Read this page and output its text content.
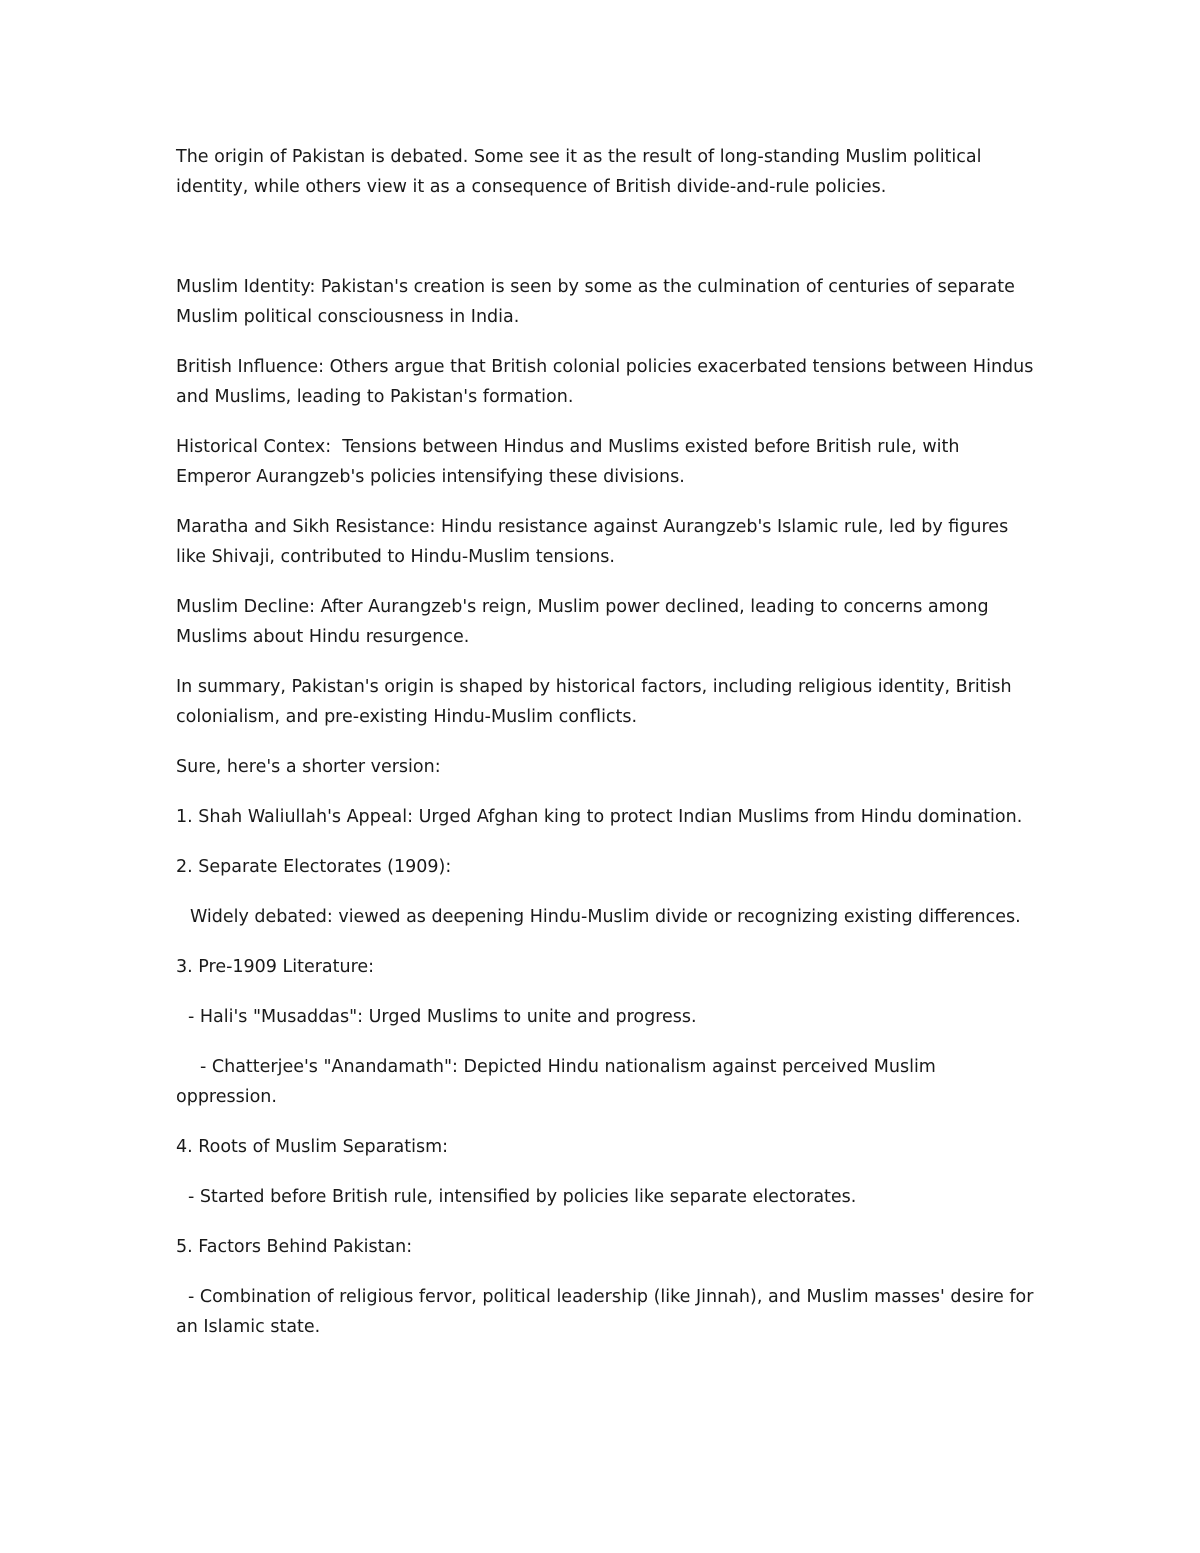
The origin of Pakistan is debated. Some see it as the result of long-standing Muslim political identity, while others view it as a consequence of British divide-and-rule policies.

Muslim Identity: Pakistan's creation is seen by some as the culmination of centuries of separate Muslim political consciousness in India.

British Influence: Others argue that British colonial policies exacerbated tensions between Hindus and Muslims, leading to Pakistan's formation.

Historical Contex:  Tensions between Hindus and Muslims existed before British rule, with Emperor Aurangzeb's policies intensifying these divisions.

Maratha and Sikh Resistance: Hindu resistance against Aurangzeb's Islamic rule, led by figures like Shivaji, contributed to Hindu-Muslim tensions.

Muslim Decline: After Aurangzeb's reign, Muslim power declined, leading to concerns among Muslims about Hindu resurgence.

In summary, Pakistan's origin is shaped by historical factors, including religious identity, British colonialism, and pre-existing Hindu-Muslim conflicts.

Sure, here's a shorter version:

1. Shah Waliullah's Appeal: Urged Afghan king to protect Indian Muslims from Hindu domination.

2. Separate Electorates (1909):

Widely debated: viewed as deepening Hindu-Muslim divide or recognizing existing differences.

3. Pre-1909 Literature:

- Hali's "Musaddas": Urged Muslims to unite and progress.

- Chatterjee's "Anandamath": Depicted Hindu nationalism against perceived Muslim oppression.

4. Roots of Muslim Separatism:

- Started before British rule, intensified by policies like separate electorates.

5. Factors Behind Pakistan:

- Combination of religious fervor, political leadership (like Jinnah), and Muslim masses' desire for an Islamic state.
